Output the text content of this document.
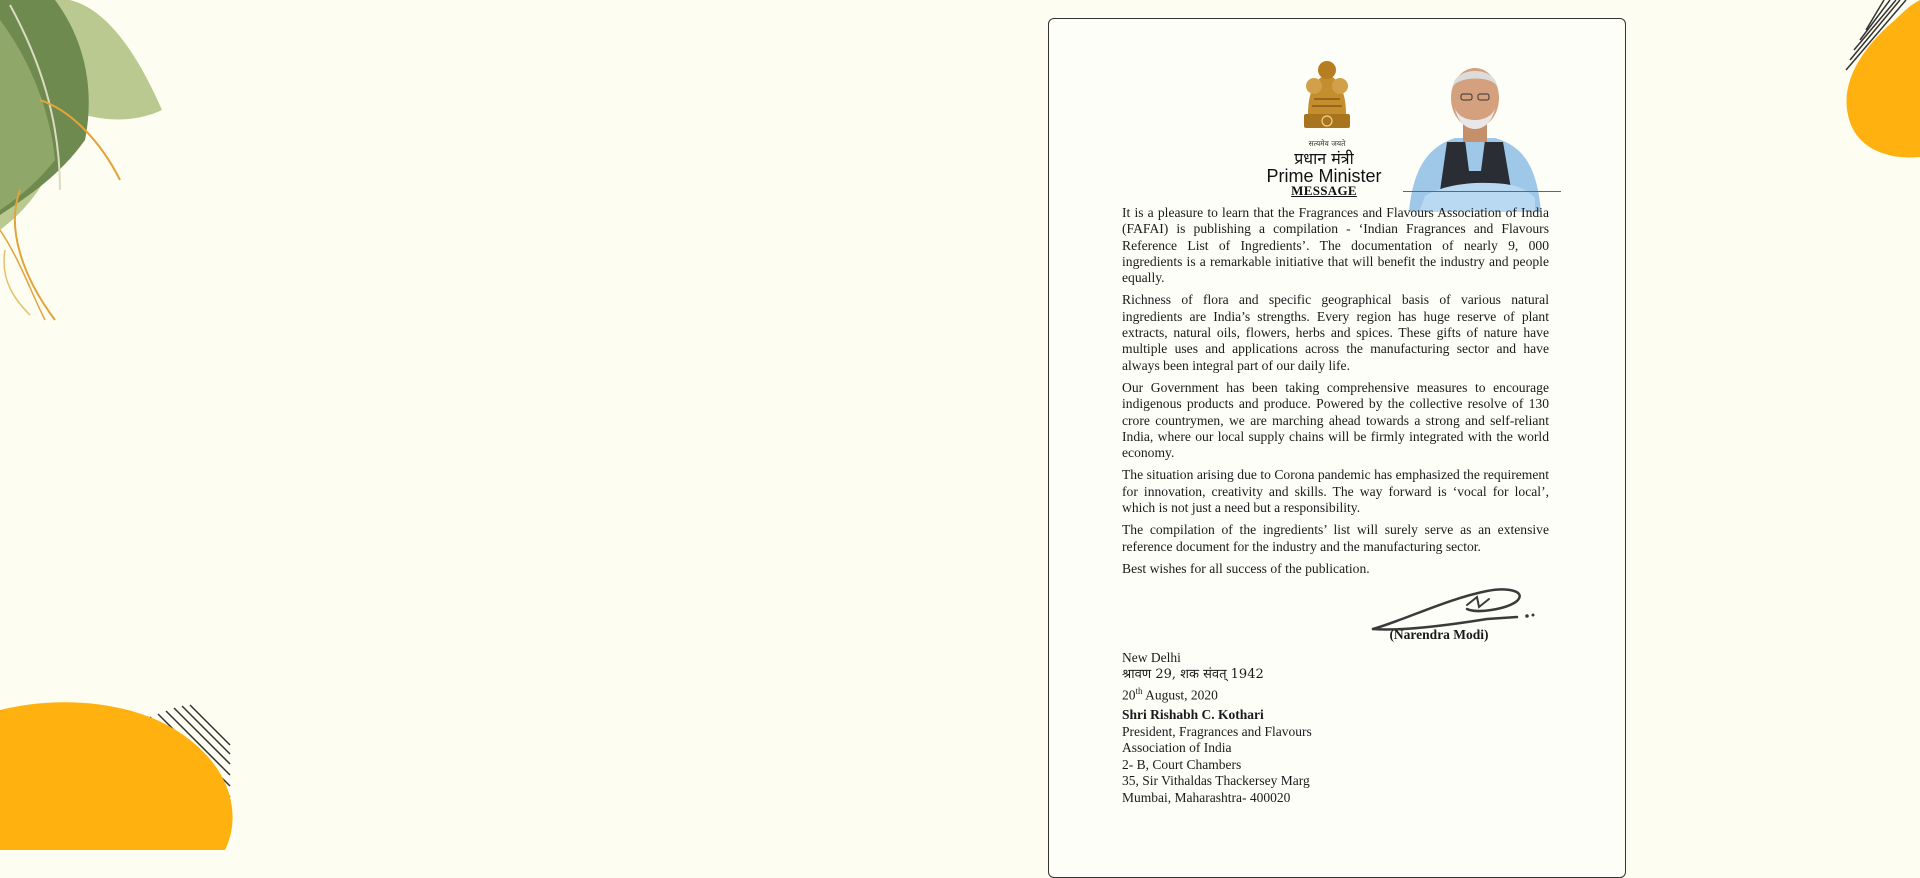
सत्यमेव जयते
प्रधान मंत्री
Prime Minister
MESSAGE

It is a pleasure to learn that the Fragrances and Flavours Association of India (FAFAI) is publishing a compilation - ‘Indian Fragrances and Flavours Reference List of Ingredients’. The documentation of nearly 9, 000 ingredients is a remarkable initiative that will benefit the industry and people equally.

Richness of flora and specific geographical basis of various natural ingredients are India’s strengths. Every region has huge reserve of plant extracts, natural oils, flowers, herbs and spices. These gifts of nature have multiple uses and applications across the manufacturing sector and have always been integral part of our daily life.

Our Government has been taking comprehensive measures to encourage indigenous products and produce. Powered by the collective resolve of 130 crore countrymen, we are marching ahead towards a strong and self-reliant India, where our local supply chains will be firmly integrated with the world economy.

The situation arising due to Corona pandemic has emphasized the requirement for innovation, creativity and skills. The way forward is ‘vocal for local’, which is not just a need but a responsibility.

The compilation of the ingredients’ list will surely serve as an extensive reference document for the industry and the manufacturing sector.

Best wishes for all success of the publication.

(Narendra Modi)
New Delhi
श्रावण 29, शक संवत् 1942
20th August, 2020
Shri Rishabh C. Kothari
President, Fragrances and Flavours
Association of India
2- B, Court Chambers
35, Sir Vithaldas Thackersey Marg
Mumbai, Maharashtra- 400020
